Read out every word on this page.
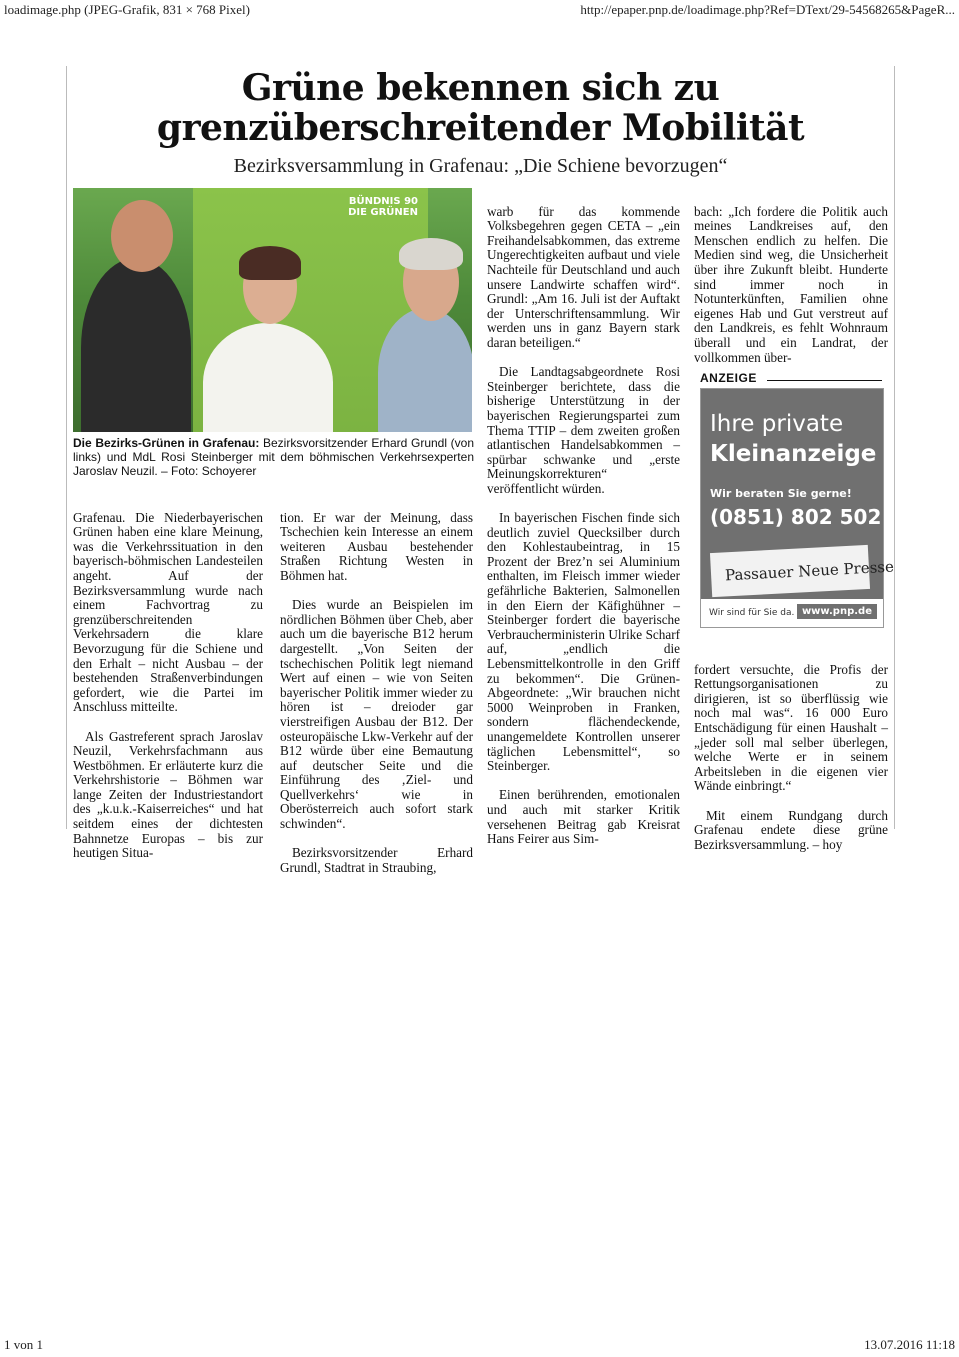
loadimage.php (JPEG-Grafik, 831 × 768 Pixel)	http://epaper.pnp.de/loadimage.php?Ref=DText/29-54568265&PageR...
Grüne bekennen sich zu
grenzüberschreitender Mobilität
Bezirksversammlung in Grafenau: „Die Schiene bevorzugen“
BÜNDNIS 90
DIE GRÜNEN
Die Bezirks-Grünen in Grafenau: Bezirksvorsitzender Erhard Grundl (von links) und MdL Rosi Steinberger mit dem böhmischen Verkehrsexperten Jaroslav Neuzil. – Foto: Schoyerer

Grafenau. Die Niederbayerischen Grünen haben eine klare Meinung, was die Verkehrssituation in den bayerisch-böhmischen Landesteilen angeht. Auf der Bezirksversammlung wurde nach einem Fachvortrag zu grenzüberschreitenden Verkehrsadern die klare Bevorzugung für die Schiene und den Erhalt – nicht Ausbau – der bestehenden Straßenverbindungen gefordert, wie die Partei im Anschluss mitteilte.

Als Gastreferent sprach Jaroslav Neuzil, Verkehrsfachmann aus Westböhmen. Er erläuterte kurz die Verkehrshistorie – Böhmen war lange Zeiten der Industriestandort des „k.u.k.-Kaiserreiches“ und hat seitdem eines der dichtesten Bahnnetze Europas – bis zur heutigen Situa-

tion. Er war der Meinung, dass Tschechien kein Interesse an einem weiteren Ausbau bestehender Straßen Richtung Westen in Böhmen hat.

Dies wurde an Beispielen im nördlichen Böhmen über Cheb, aber auch um die bayerische B12 herum dargestellt. „Von Seiten der tschechischen Politik legt niemand Wert auf einen – wie von Seiten bayerischer Politik immer wieder zu hören ist – dreioder gar vierstreifigen Ausbau der B12. Der osteuropäische Lkw-Verkehr auf der B12 würde über eine Bemautung auf deutscher Seite und die Einführung des ‚Ziel- und Quellverkehrs‘ wie in Oberösterreich auch sofort stark schwinden“.

Bezirksvorsitzender Erhard Grundl, Stadtrat in Straubing,

warb für das kommende Volksbegehren gegen CETA – „ein Freihandelsabkommen, das extreme Ungerechtigkeiten aufbaut und viele Nachteile für Deutschland und auch unsere Landwirte schaffen wird“. Grundl: „Am 16. Juli ist der Auftakt der Unterschriftensammlung. Wir werden uns in ganz Bayern stark daran beteiligen.“

Die Landtagsabgeordnete Rosi Steinberger berichtete, dass die bisherige Unterstützung in der bayerischen Regierungspartei zum Thema TTIP – dem zweiten großen atlantischen Handelsabkommen – spürbar schwanke und „erste Meinungskorrekturen“ veröffentlicht würden.

In bayerischen Fischen finde sich deutlich zuviel Quecksilber durch den Kohlestaubeintrag, in 15 Prozent der Brez’n sei Aluminium enthalten, im Fleisch immer wieder gefährliche Bakterien, Salmonellen in den Eiern der Käfighühner – Steinberger fordert die bayerische Verbraucherministerin Ulrike Scharf auf, „endlich die Lebensmittelkontrolle in den Griff zu bekommen“. Die Grünen-Abgeordnete: „Wir brauchen nicht 5000 Weinproben in Franken, sondern flächendeckende, unangemeldete Kontrollen unserer täglichen Lebensmittel“, so Steinberger.

Einen berührenden, emotionalen und auch mit starker Kritik versehenen Beitrag gab Kreisrat Hans Feirer aus Sim-

bach: „Ich fordere die Politik auch meines Landkreises auf, den Menschen endlich zu helfen. Die Medien sind weg, die Unsicherheit über ihre Zukunft bleibt. Hunderte sind immer noch in Notunterkünften, Familien ohne eigenes Hab und Gut verstreut auf den Landkreis, es fehlt Wohnraum überall und ein Landrat, der vollkommen über-

ANZEIGE
Ihre private
Kleinanzeige
Wir beraten Sie gerne!
(0851) 802 502
Passauer Neue Presse
Wir sind für Sie da. www.pnp.de

fordert versuchte, die Profis der Rettungsorganisationen zu dirigieren, ist so überflüssig wie noch mal was“. 16 000 Euro Entschädigung für einen Haushalt – „jeder soll mal selber überlegen, welche Werte er in seinem Arbeitsleben in die eigenen vier Wände einbringt.“

Mit einem Rundgang durch Grafenau endete diese grüne Bezirksversammlung. – hoy

1 von 1	13.07.2016 11:18
